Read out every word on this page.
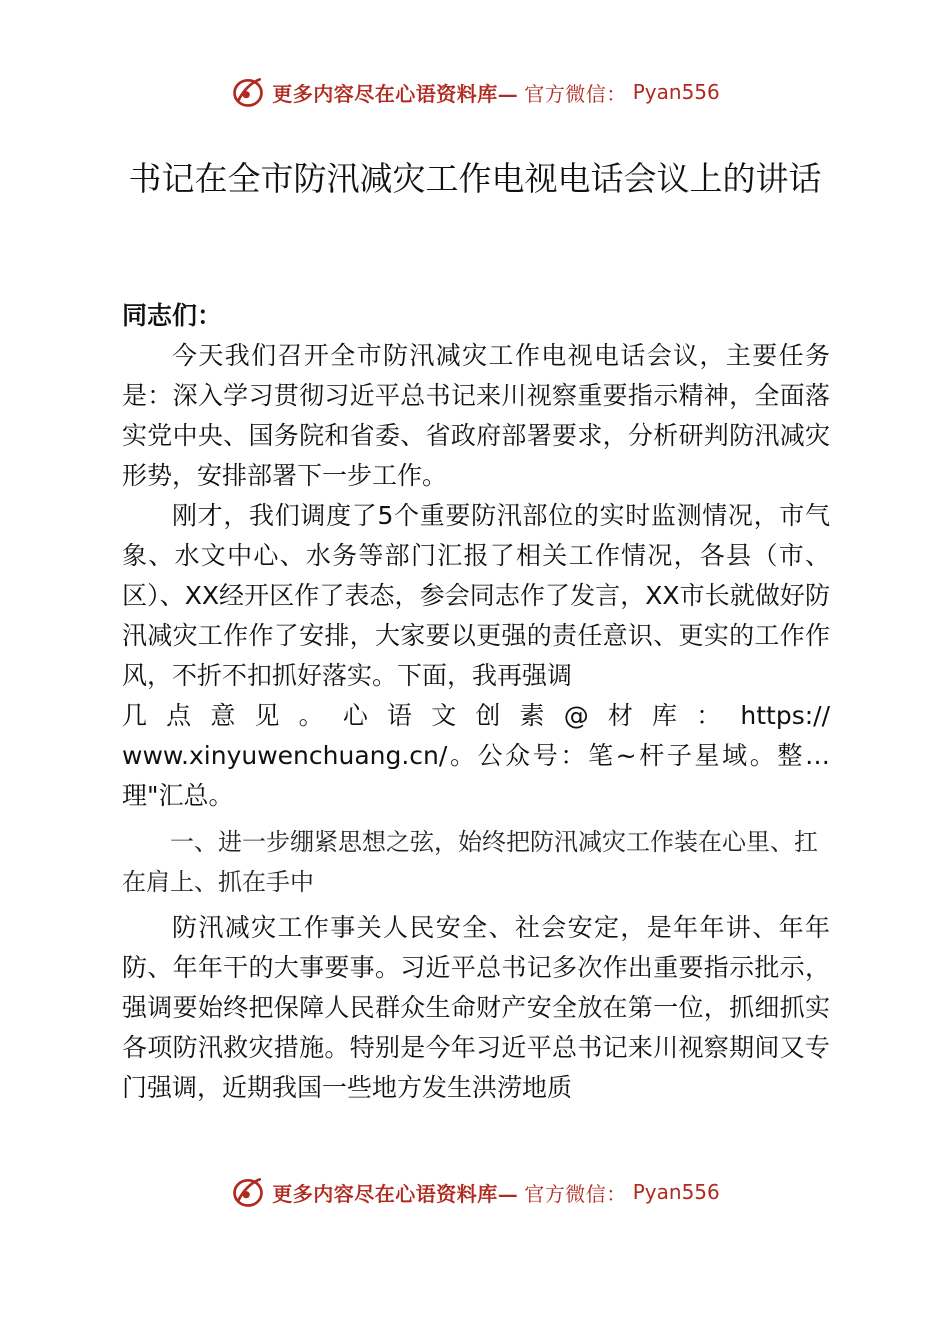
更多内容尽在心语资料库— 官方微信： Pyan556
书记在全市防汛减灾工作电视电话会议上的讲话

同志们：

今天我们召开全市防汛减灾工作电视电话会议，主要任务是：深入学习贯彻习近平总书记来川视察重要指示精神，全面落实党中央、国务院和省委、省政府部署要求，分析研判防汛减灾形势，安排部署下一步工作。

刚才，我们调度了5个重要防汛部位的实时监测情况，市气象、水文中心、水务等部门汇报了相关工作情况，各县（市、区）、XX经开区作了表态，参会同志作了发言，XX市长就做好防汛减灾工作作了安排，大家要以更强的责任意识、更实的工作作风，不折不扣抓好落实。下面，我再强调

几点意见。心语文创素@材库：https://

www.xinyuwenchuang.cn/。公众号：笔~杆子星域。整…理"汇总。

一、进一步绷紧思想之弦，始终把防汛减灾工作装在心里、扛在肩上、抓在手中

防汛减灾工作事关人民安全、社会安定，是年年讲、年年防、年年干的大事要事。习近平总书记多次作出重要指示批示，强调要始终把保障人民群众生命财产安全放在第一位，抓细抓实各项防汛救灾措施。特别是今年习近平总书记来川视察期间又专门强调，近期我国一些地方发生洪涝地质

更多内容尽在心语资料库— 官方微信： Pyan556
